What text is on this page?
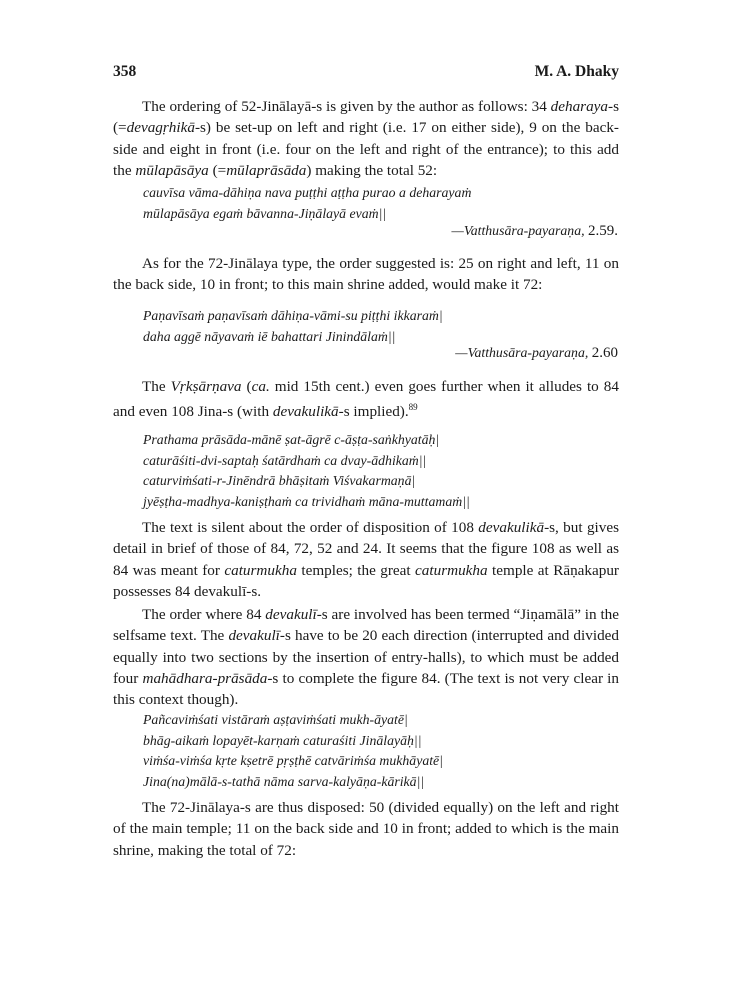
358	M. A. Dhaky

The ordering of 52-Jinālayā-s is given by the author as follows: 34 deharaya-s (=devagṛhikā-s) be set-up on left and right (i.e. 17 on either side), 9 on the back-side and eight in front (i.e. four on the left and right of the entrance); to this add the mūlapāsāya (=mūlaprāsāda) making the total 52:

cauvīsa vāma-dāhiṇa nava puṭṭhi aṭṭha purao a deharayaṁ
mūlapāsāya egaṁ bāvanna-Jiṇālayā evaṁ||
—Vatthusāra-payaraṇa, 2.59.

As for the 72-Jinālaya type, the order suggested is: 25 on right and left, 11 on the back side, 10 in front; to this main shrine added, would make it 72:

Paṇavīsaṁ paṇavīsaṁ dāhiṇa-vāmi-su piṭṭhi ikkaraṁ|
daha aggē nāyavaṁ iē bahattari Jinindālaṁ||
—Vatthusāra-payaraṇa, 2.60

The Vṛkṣārṇava (ca. mid 15th cent.) even goes further when it alludes to 84 and even 108 Jina-s (with devakulikā-s implied).$^{89}$

Prathama prāsāda-mānē ṣat-āgrē c-āṣṭa-saṅkhyatāḥ|
caturāśiti-dvi-saptaḥ śatārdhaṁ ca dvay-ādhikaṁ||
caturviṁśati-r-Jinēndrā bhāṣitaṁ Viśvakarmaṇā|
jyēṣṭha-madhya-kaniṣṭhaṁ ca trividhaṁ māna-muttamaṁ||

The text is silent about the order of disposition of 108 devakulikā-s, but gives detail in brief of those of 84, 72, 52 and 24. It seems that the figure 108 as well as 84 was meant for caturmukha temples; the great caturmukha temple at Rāṇakapur possesses 84 devakulī-s.

The order where 84 devakulī-s are involved has been termed “Jiṇamālā” in the selfsame text. The devakulī-s have to be 20 each direction (interrupted and divided equally into two sections by the insertion of entry-halls), to which must be added four mahādhara-prāsāda-s to complete the figure 84. (The text is not very clear in this context though).

Pañcaviṁśati vistāraṁ aṣṭaviṁśati mukh-āyatē|
bhāg-aikaṁ lopayēt-karṇaṁ caturaśiti Jinālayāḥ||
viṁśa-viṁśa kṛte kṣetrē pṛṣṭhē catvāriṁśa mukhāyatē|
Jina(na)mālā-s-tathā nāma sarva-kalyāṇa-kārikā||

The 72-Jinālaya-s are thus disposed: 50 (divided equally) on the left and right of the main temple; 11 on the back side and 10 in front; added to which is the main shrine, making the total of 72:
